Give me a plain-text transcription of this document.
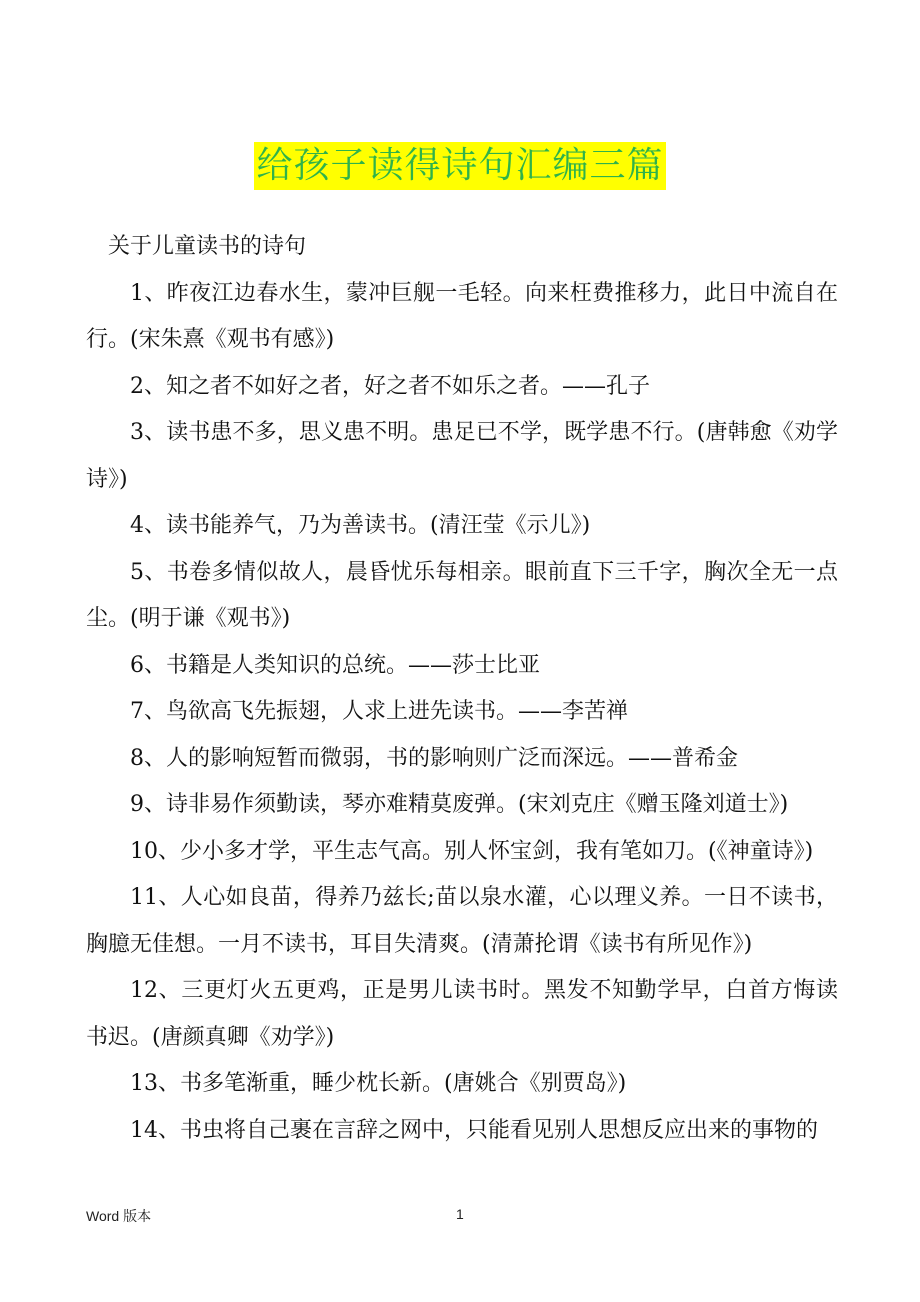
给孩子读得诗句汇编三篇

关于儿童读书的诗句

1、昨夜江边春水生，蒙冲巨舰一毛轻。向来枉费推移力，此日中流自在行。(宋朱熹《观书有感》)

2、知之者不如好之者，好之者不如乐之者。——孔子

3、读书患不多，思义患不明。患足已不学，既学患不行。(唐韩愈《劝学诗》)

4、读书能养气，乃为善读书。(清汪莹《示儿》)

5、书卷多情似故人，晨昏忧乐每相亲。眼前直下三千字，胸次全无一点尘。(明于谦《观书》)

6、书籍是人类知识的总统。——莎士比亚

7、鸟欲高飞先振翅，人求上进先读书。——李苦禅

8、人的影响短暂而微弱，书的影响则广泛而深远。——普希金

9、诗非易作须勤读，琴亦难精莫废弹。(宋刘克庄《赠玉隆刘道士》)

10、少小多才学，平生志气高。别人怀宝剑，我有笔如刀。(《神童诗》)

11、人心如良苗，得养乃兹长;苗以泉水灌，心以理义养。一日不读书，胸臆无佳想。一月不读书，耳目失清爽。(清萧抡谓《读书有所见作》)

12、三更灯火五更鸡，正是男儿读书时。黑发不知勤学早，白首方悔读书迟。(唐颜真卿《劝学》)

13、书多笔渐重，睡少枕长新。(唐姚合《别贾岛》)

14、书虫将自己裹在言辞之网中，只能看见别人思想反应出来的事物的

Word 版本	1
